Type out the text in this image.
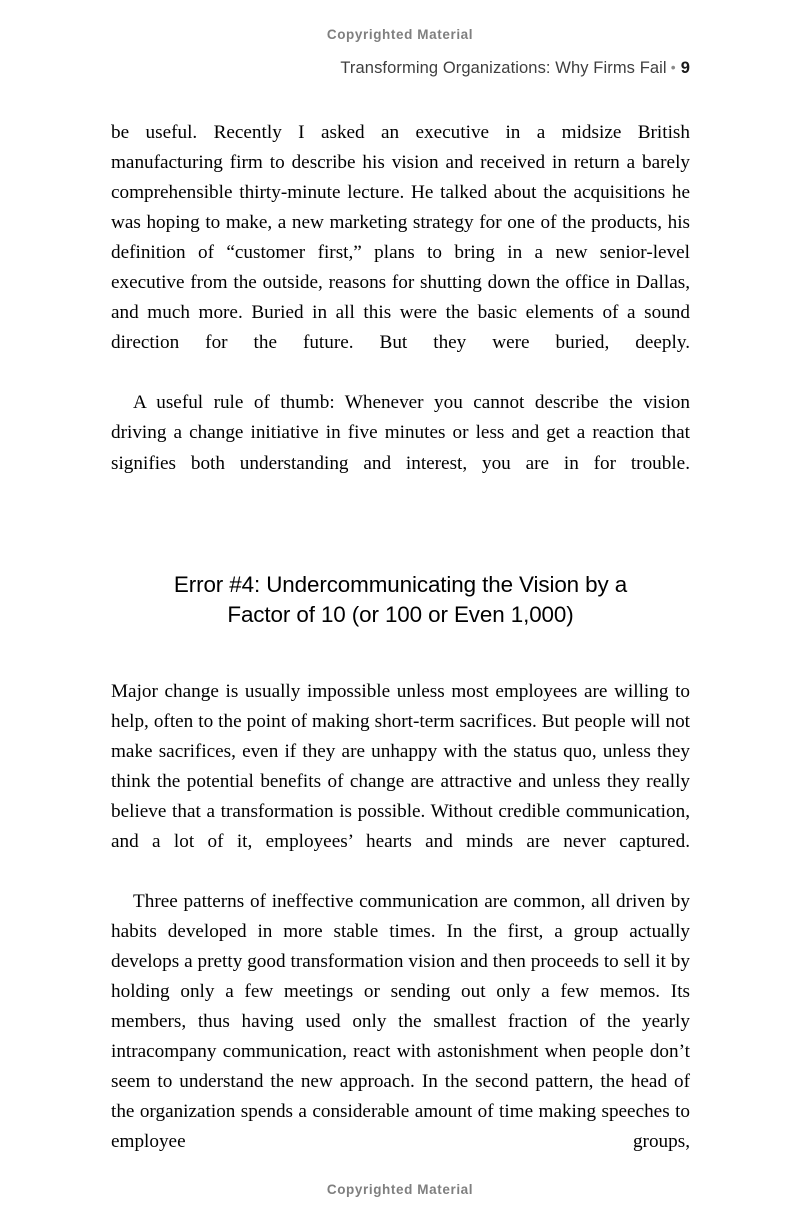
Copyrighted Material
Transforming Organizations: Why Firms Fail • 9

be useful. Recently I asked an executive in a midsize British manufacturing firm to describe his vision and received in return a barely comprehensible thirty-minute lecture. He talked about the acquisitions he was hoping to make, a new marketing strategy for one of the products, his definition of “customer first,” plans to bring in a new senior-level executive from the outside, reasons for shutting down the office in Dallas, and much more. Buried in all this were the basic elements of a sound direction for the future. But they were buried, deeply.

A useful rule of thumb: Whenever you cannot describe the vision driving a change initiative in five minutes or less and get a reaction that signifies both understanding and interest, you are in for trouble.

Error #4: Undercommunicating the Vision by a
Factor of 10 (or 100 or Even 1,000)

Major change is usually impossible unless most employees are willing to help, often to the point of making short-term sacrifices. But people will not make sacrifices, even if they are unhappy with the status quo, unless they think the potential benefits of change are attractive and unless they really believe that a transformation is possible. Without credible communication, and a lot of it, employees’ hearts and minds are never captured.

Three patterns of ineffective communication are common, all driven by habits developed in more stable times. In the first, a group actually develops a pretty good transformation vision and then proceeds to sell it by holding only a few meetings or sending out only a few memos. Its members, thus having used only the smallest fraction of the yearly intracompany communication, react with astonishment when people don’t seem to understand the new approach. In the second pattern, the head of the organization spends a considerable amount of time making speeches to employee groups,

Copyrighted Material
